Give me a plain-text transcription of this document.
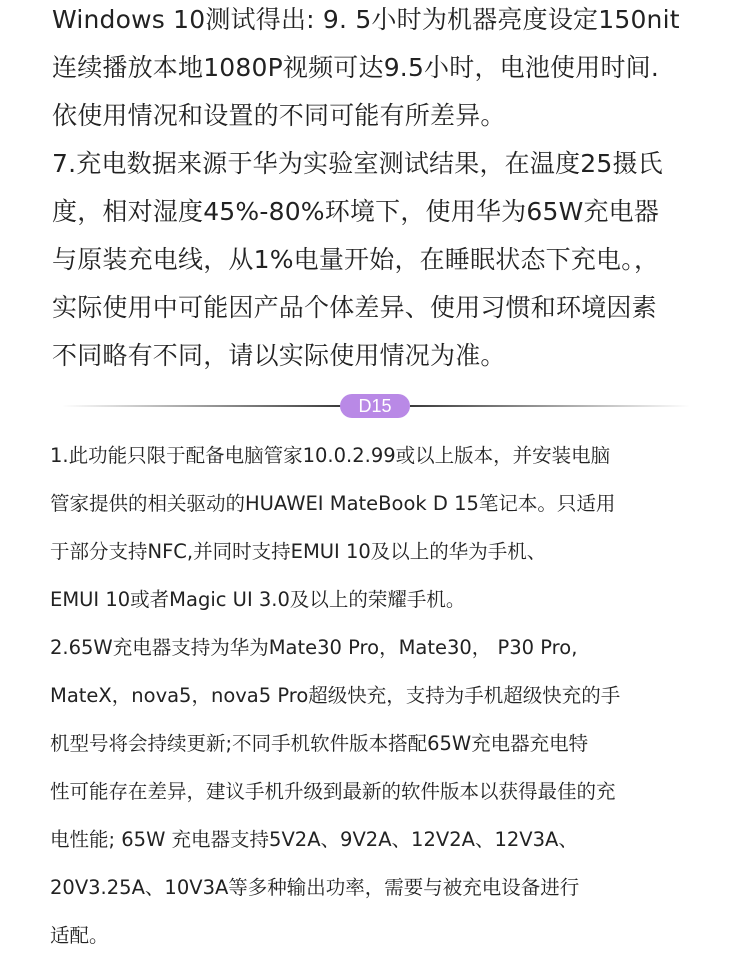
Windows 10测试得出: 9. 5小时为机器亮度设定150nit
连续播放本地1080P视频可达9.5小时，电池使用时间.
依使用情况和设置的不同可能有所差异。
7.充电数据来源于华为实验室测试结果，在温度25摄氏
度，相对湿度45%-80%环境下，使用华为65W充电器
与原装充电线，从1%电量开始，在睡眠状态下充电。，
实际使用中可能因产品个体差异、使用习惯和环境因素
不同略有不同，请以实际使用情况为准。
D15
1.此功能只限于配备电脑管家10.0.2.99或以上版本，并安装电脑
管家提供的相关驱动的HUAWEI MateBook D 15笔记本。只适用
于部分支持NFC,并同时支持EMUI 10及以上的华为手机、
EMUI 10或者Magic UI 3.0及以上的荣耀手机。
2.65W充电器支持为华为Mate30 Pro，Mate30， P30 Pro,
MateX，nova5，nova5 Pro超级快充，支持为手机超级快充的手
机型号将会持续更新;不同手机软件版本搭配65W充电器充电特
性可能存在差异，建议手机升级到最新的软件版本以获得最佳的充
电性能; 65W 充电器支持5V2A、9V2A、12V2A、12V3A、
20V3.25A、10V3A等多种输出功率，需要与被充电设备进行
适配。
